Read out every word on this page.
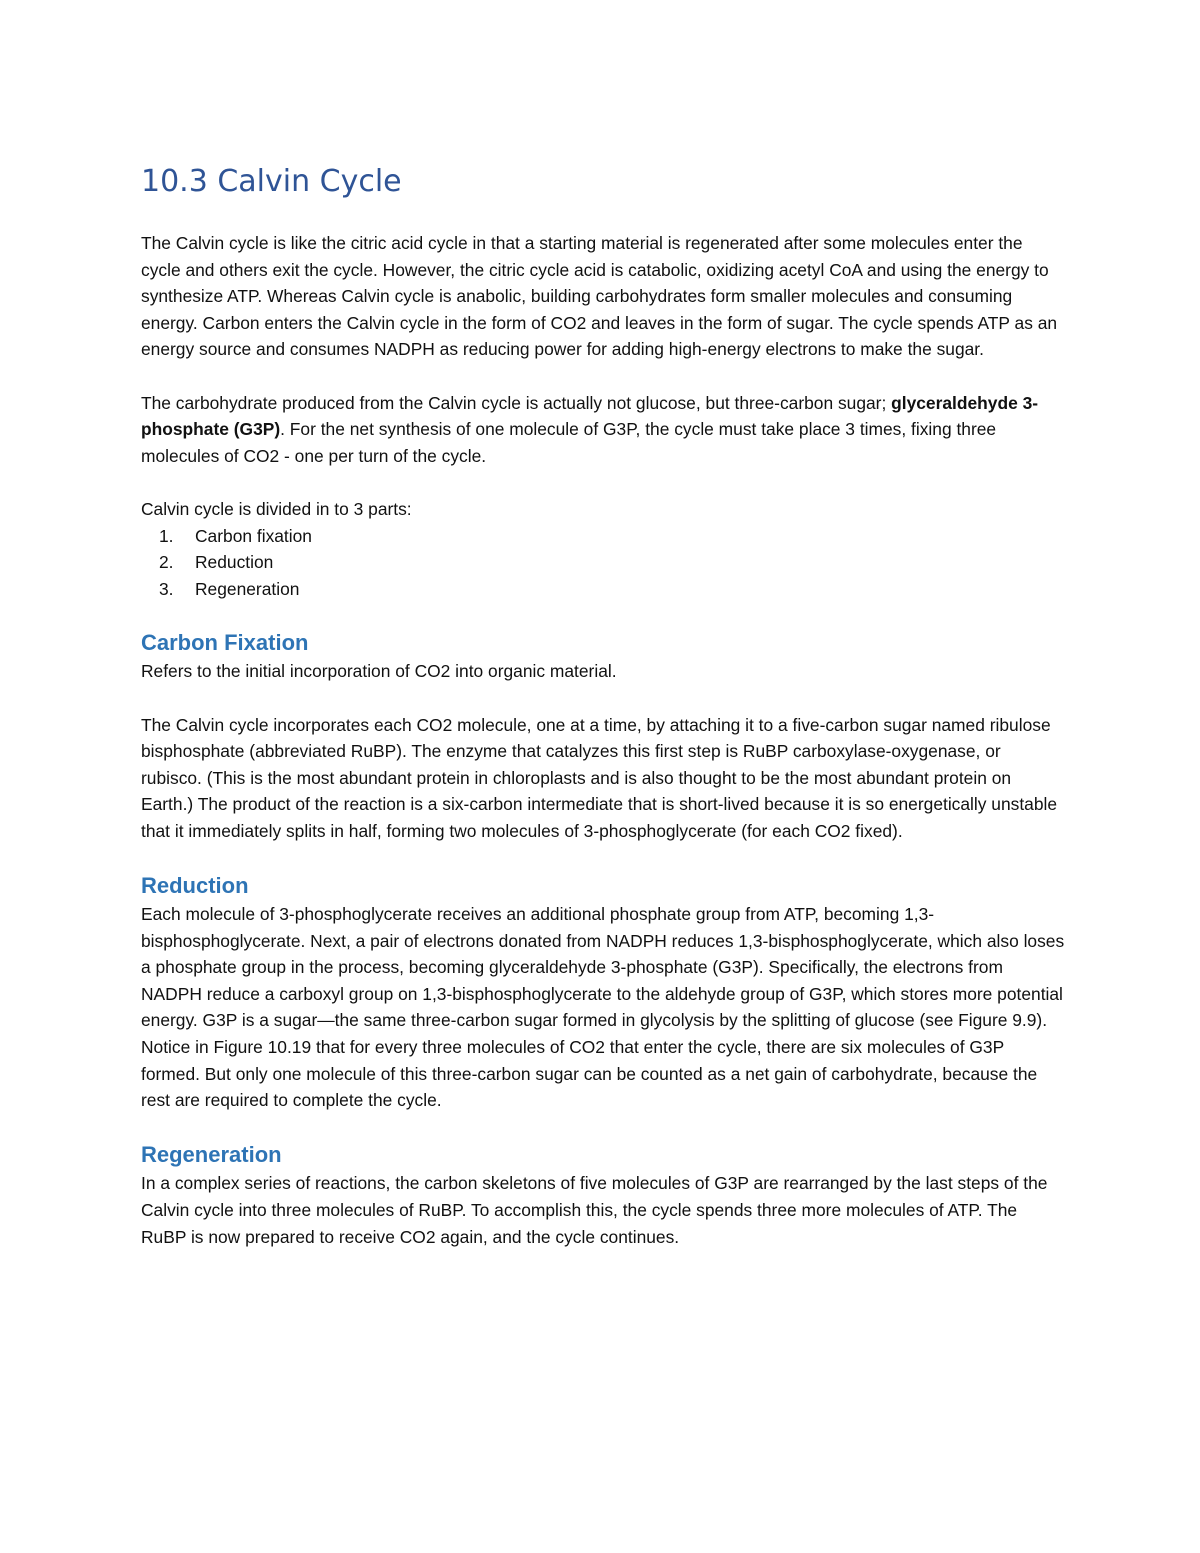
10.3 Calvin Cycle

The Calvin cycle is like the citric acid cycle in that a starting material is regenerated after some molecules enter the cycle and others exit the cycle. However, the citric cycle acid is catabolic, oxidizing acetyl CoA and using the energy to synthesize ATP. Whereas Calvin cycle is anabolic, building carbohydrates form smaller molecules and consuming energy. Carbon enters the Calvin cycle in the form of CO2 and leaves in the form of sugar. The cycle spends ATP as an energy source and consumes NADPH as reducing power for adding high-energy electrons to make the sugar.

The carbohydrate produced from the Calvin cycle is actually not glucose, but three-carbon sugar; glyceraldehyde 3-phosphate (G3P). For the net synthesis of one molecule of G3P, the cycle must take place 3 times, fixing three molecules of CO2 - one per turn of the cycle.

Calvin cycle is divided in to 3 parts:

1. Carbon fixation
2. Reduction
3. Regeneration
Carbon Fixation

Refers to the initial incorporation of CO2 into organic material.

The Calvin cycle incorporates each CO2 molecule, one at a time, by attaching it to a five-carbon sugar named ribulose bisphosphate (abbreviated RuBP). The enzyme that catalyzes this first step is RuBP carboxylase-oxygenase, or rubisco. (This is the most abundant protein in chloroplasts and is also thought to be the most abundant protein on Earth.) The product of the reaction is a six-carbon intermediate that is short-lived because it is so energetically unstable that it immediately splits in half, forming two molecules of 3-phosphoglycerate (for each CO2 fixed).

Reduction

Each molecule of 3-phosphoglycerate receives an additional phosphate group from ATP, becoming 1,3-bisphosphoglycerate. Next, a pair of electrons donated from NADPH reduces 1,3-bisphosphoglycerate, which also loses a phosphate group in the process, becoming glyceraldehyde 3-phosphate (G3P). Specifically, the electrons from NADPH reduce a carboxyl group on 1,3-bisphosphoglycerate to the aldehyde group of G3P, which stores more potential energy. G3P is a sugar—the same three-carbon sugar formed in glycolysis by the splitting of glucose (see Figure 9.9). Notice in Figure 10.19 that for every three molecules of CO2 that enter the cycle, there are six molecules of G3P formed. But only one molecule of this three-carbon sugar can be counted as a net gain of carbohydrate, because the rest are required to complete the cycle.

Regeneration

In a complex series of reactions, the carbon skeletons of five molecules of G3P are rearranged by the last steps of the Calvin cycle into three molecules of RuBP. To accomplish this, the cycle spends three more molecules of ATP. The RuBP is now prepared to receive CO2 again, and the cycle continues.
